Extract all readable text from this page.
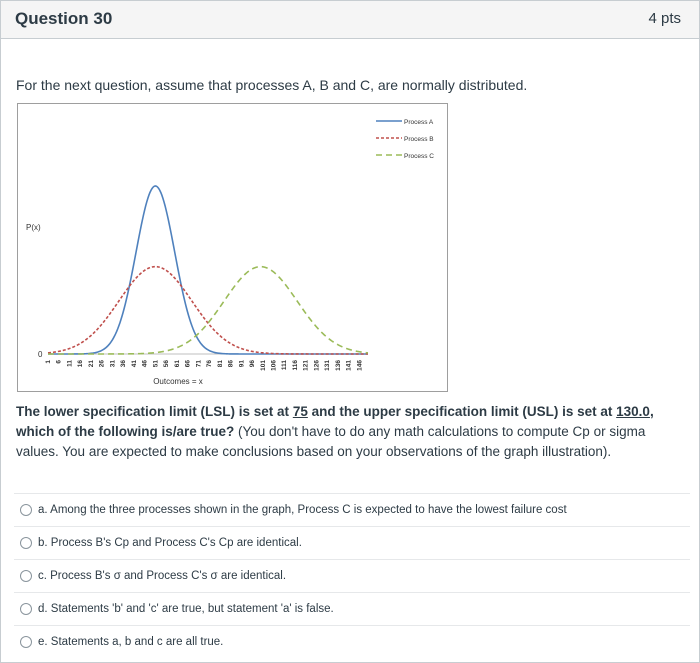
Question 30	4 pts
For the next question, assume that processes A, B and C, are normally distributed.
P(x)
0
1 6 11 16 21 26 31 36 41 46 51 56 61 66 71 76 81 86 91 96 101 106 111 116 121 126 131 136 141 146
Outcomes = x
Process A
Process B
Process C
The lower specification limit (LSL) is set at 75 and the upper specification limit (USL) is set at 130.0, which of the following is/are true? (You don't have to do any math calculations to compute Cp or sigma values. You are expected to make conclusions based on your observations of the graph illustration).
a. Among the three processes shown in the graph, Process C is expected to have the lowest failure cost
b. Process B's Cp and Process C's Cp are identical.
c. Process B's σ and Process C's σ are identical.
d. Statements 'b' and 'c' are true, but statement 'a' is false.
e. Statements a, b and c are all true.
